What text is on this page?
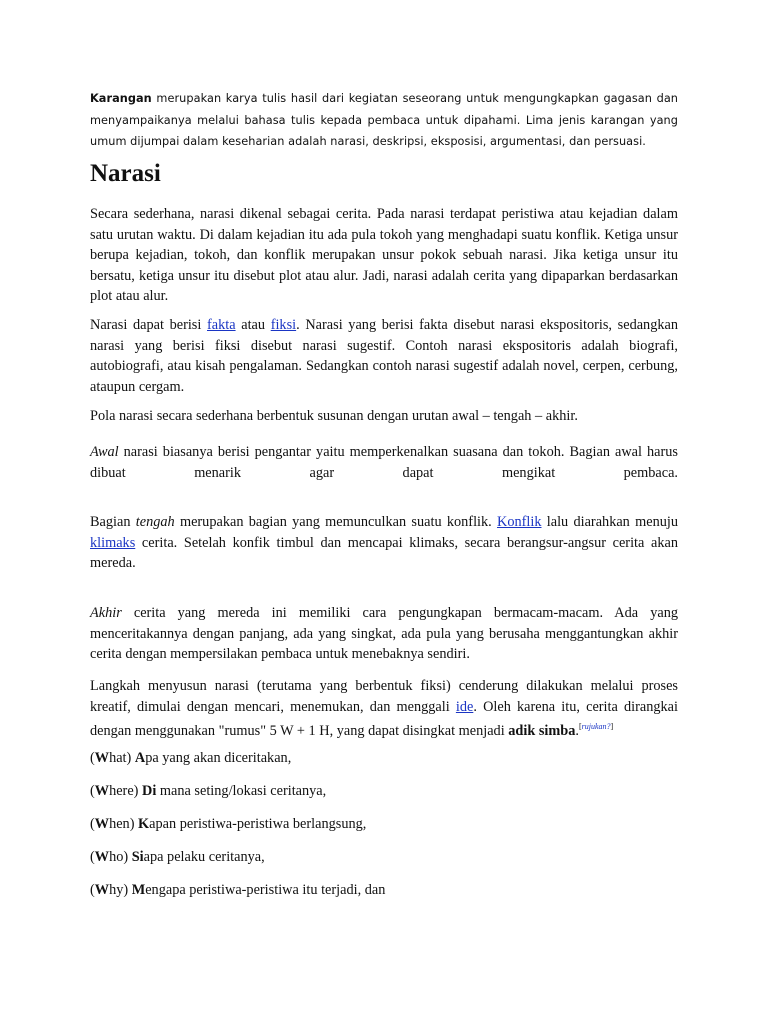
Karangan merupakan karya tulis hasil dari kegiatan seseorang untuk mengungkapkan gagasan dan menyampaikanya melalui bahasa tulis kepada pembaca untuk dipahami. Lima jenis karangan yang umum dijumpai dalam keseharian adalah narasi, deskripsi, eksposisi, argumentasi, dan persuasi.

Narasi

Secara sederhana, narasi dikenal sebagai cerita. Pada narasi terdapat peristiwa atau kejadian dalam satu urutan waktu. Di dalam kejadian itu ada pula tokoh yang menghadapi suatu konflik. Ketiga unsur berupa kejadian, tokoh, dan konflik merupakan unsur pokok sebuah narasi. Jika ketiga unsur itu bersatu, ketiga unsur itu disebut plot atau alur. Jadi, narasi adalah cerita yang dipaparkan berdasarkan plot atau alur.

Narasi dapat berisi fakta atau fiksi. Narasi yang berisi fakta disebut narasi ekspositoris, sedangkan narasi yang berisi fiksi disebut narasi sugestif. Contoh narasi ekspositoris adalah biografi, autobiografi, atau kisah pengalaman. Sedangkan contoh narasi sugestif adalah novel, cerpen, cerbung, ataupun cergam.

Pola narasi secara sederhana berbentuk susunan dengan urutan awal – tengah – akhir.

Awal narasi biasanya berisi pengantar yaitu memperkenalkan suasana dan tokoh. Bagian awal harus dibuat menarik agar dapat mengikat pembaca.

Bagian tengah merupakan bagian yang memunculkan suatu konflik. Konflik lalu diarahkan menuju klimaks cerita. Setelah konfik timbul dan mencapai klimaks, secara berangsur-angsur cerita akan mereda.

Akhir cerita yang mereda ini memiliki cara pengungkapan bermacam-macam. Ada yang menceritakannya dengan panjang, ada yang singkat, ada pula yang berusaha menggantungkan akhir cerita dengan mempersilakan pembaca untuk menebaknya sendiri.

Langkah menyusun narasi (terutama yang berbentuk fiksi) cenderung dilakukan melalui proses kreatif, dimulai dengan mencari, menemukan, dan menggali ide. Oleh karena itu, cerita dirangkai dengan menggunakan "rumus" 5 W + 1 H, yang dapat disingkat menjadi adik simba.[rujukan?]

(What) Apa yang akan diceritakan,

(Where) Di mana seting/lokasi ceritanya,

(When) Kapan peristiwa-peristiwa berlangsung,

(Who) Siapa pelaku ceritanya,

(Why) Mengapa peristiwa-peristiwa itu terjadi, dan
